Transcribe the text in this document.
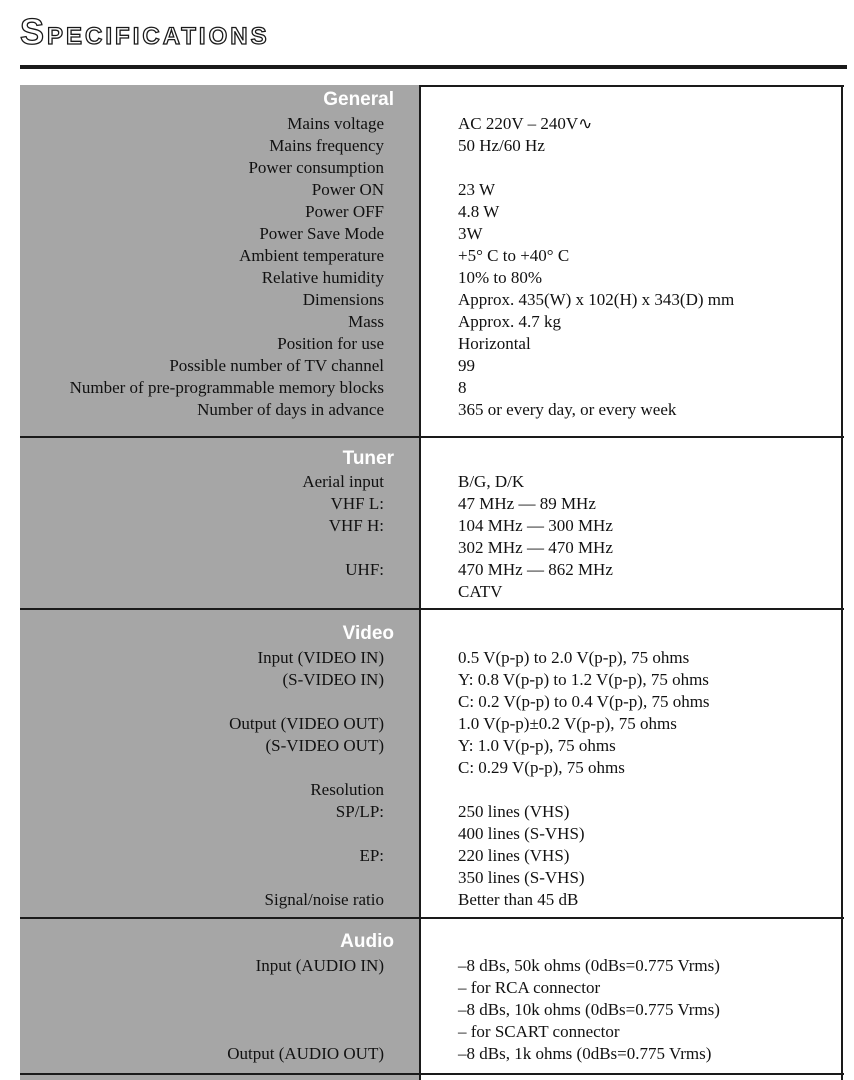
SPECIFICATIONS
General
Mains voltage
Mains frequency
Power consumption
Power ON
Power OFF
Power Save Mode
Ambient temperature
Relative humidity
Dimensions
Mass
Position for use
Possible number of TV channel
Number of pre-programmable memory blocks
Number of days in advance
AC 220V – 240V∿
50 Hz/60 Hz
23 W
4.8 W
3W
+5° C to +40° C
10% to 80%
Approx. 435(W) x 102(H) x 343(D) mm
Approx. 4.7 kg
Horizontal
99
8
365 or every day, or every week
Tuner
Aerial input
VHF L:
VHF H:
UHF:
B/G, D/K
47 MHz — 89 MHz
104 MHz — 300 MHz
302 MHz — 470 MHz
470 MHz — 862 MHz
CATV
Video
Input (VIDEO IN)
(S-VIDEO IN)
Output (VIDEO OUT)
(S-VIDEO OUT)
Resolution
SP/LP:
EP:
Signal/noise ratio
0.5 V(p-p) to 2.0 V(p-p), 75 ohms
Y: 0.8 V(p-p) to 1.2 V(p-p), 75 ohms
C: 0.2 V(p-p) to 0.4 V(p-p), 75 ohms
1.0 V(p-p)±0.2 V(p-p), 75 ohms
Y: 1.0 V(p-p), 75 ohms
C: 0.29 V(p-p), 75 ohms
250 lines (VHS)
400 lines (S-VHS)
220 lines (VHS)
350 lines (S-VHS)
Better than 45 dB
Audio
Input (AUDIO IN)
Output (AUDIO OUT)
–8 dBs, 50k ohms (0dBs=0.775 Vrms)
– for RCA connector
–8 dBs, 10k ohms (0dBs=0.775 Vrms)
– for SCART connector
–8 dBs, 1k ohms (0dBs=0.775 Vrms)
